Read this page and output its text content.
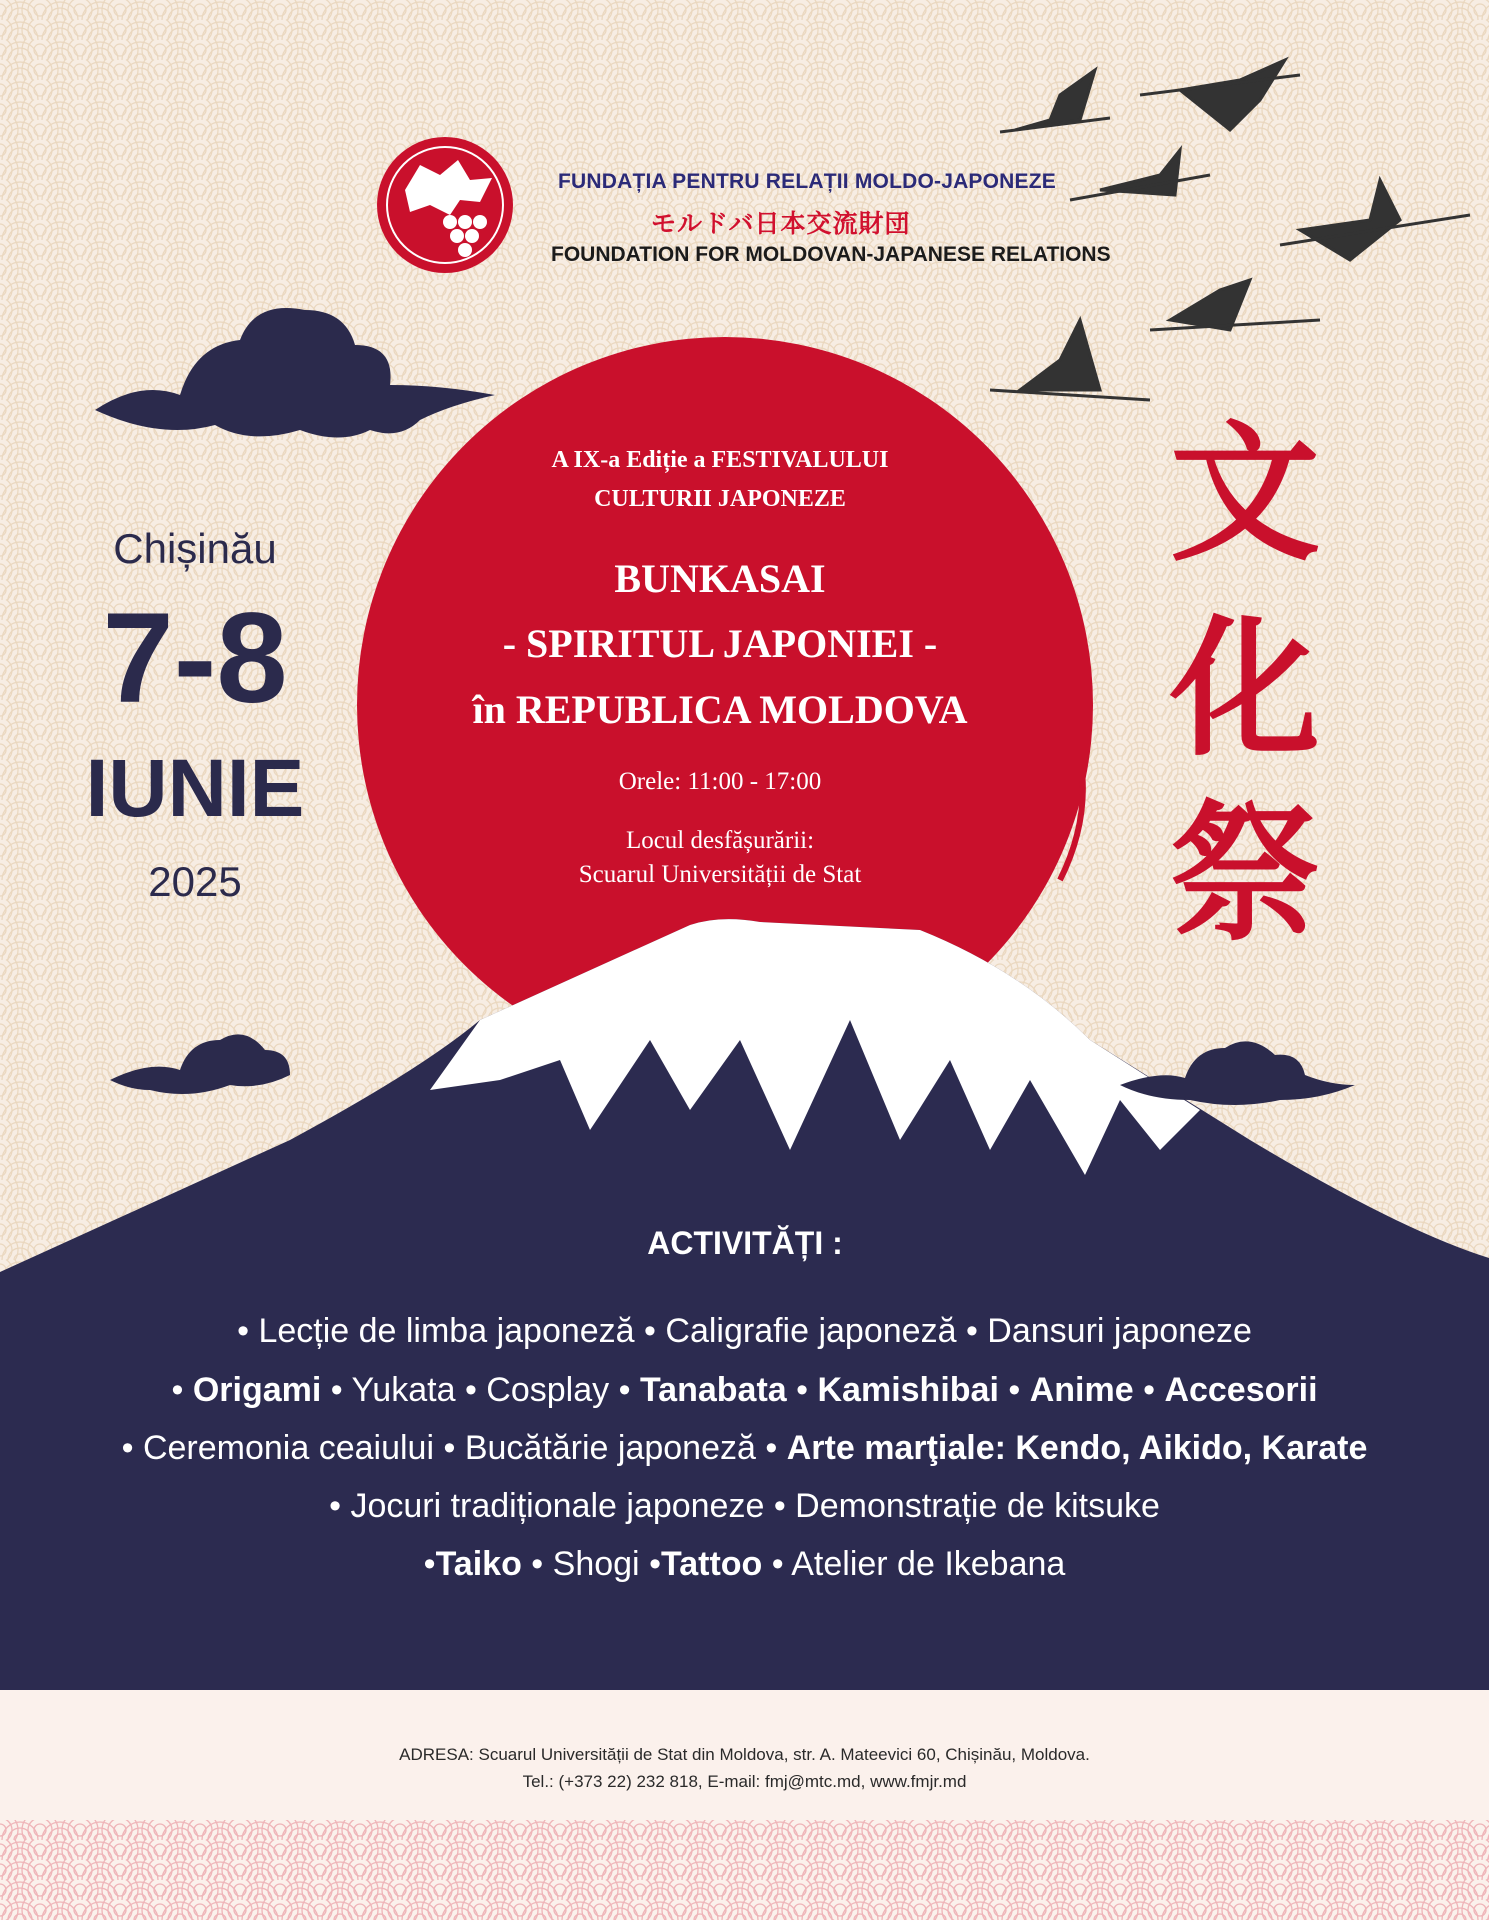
FUNDAȚIA PENTRU RELAȚII MOLDO-JAPONEZE
モルドバ日本交流財団
FOUNDATION FOR MOLDOVAN-JAPANESE RELATIONS
Chișinău
7-8
IUNIE
2025
A IX-a Ediție a FESTIVALULUI
CULTURII JAPONEZE
BUNKASAI
- SPIRITUL JAPONIEI -
în REPUBLICA MOLDOVA
Orele: 11:00 - 17:00
Locul desfășurării:
Scuarul Universității de Stat
文
化
祭
ACTIVITĂȚI :
• Lecție de limba japoneză • Caligrafie japoneză • Dansuri japoneze
• Origami • Yukata • Cosplay • Tanabata • Kamishibai • Anime • Accesorii
• Ceremonia ceaiului • Bucătărie japoneză • Arte marţiale: Kendo, Aikido, Karate
• Jocuri tradiționale japoneze • Demonstrație de kitsuke
•Taiko • Shogi •Tattoo • Atelier de Ikebana
ADRESA: Scuarul Universității de Stat din Moldova, str. A. Mateevici 60, Chișinău, Moldova.
Tel.: (+373 22) 232 818, E-mail: fmj@mtc.md, www.fmjr.md
